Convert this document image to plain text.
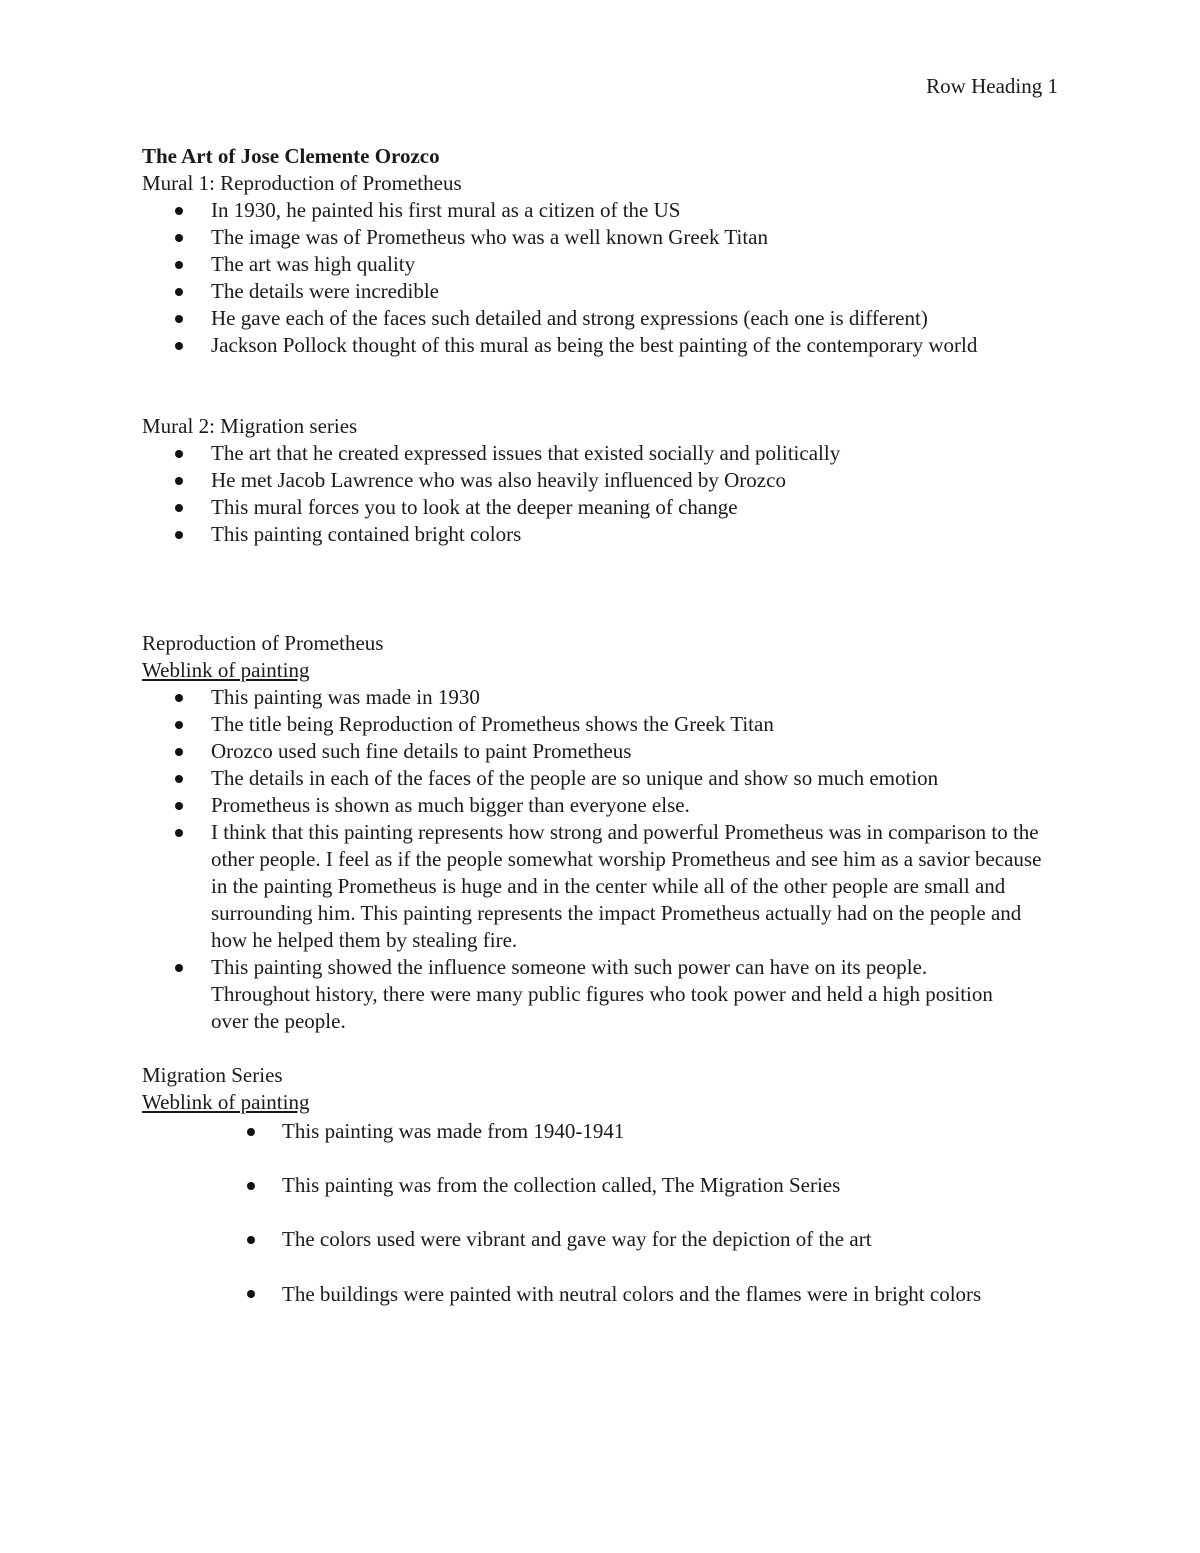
Row Heading 1

The Art of Jose Clemente Orozco

Mural 1: Reproduction of Prometheus

In 1930, he painted his first mural as a citizen of the US
The image was of Prometheus who was a well known Greek Titan
The art was high quality
The details were incredible
He gave each of the faces such detailed and strong expressions (each one is different)
Jackson Pollock thought of this mural as being the best painting of the contemporary world

Mural 2: Migration series

The art that he created expressed issues that existed socially and politically
He met Jacob Lawrence who was also heavily influenced by Orozco
This mural forces you to look at the deeper meaning of change
This painting contained bright colors

Reproduction of Prometheus

Weblink of painting

This painting was made in 1930
The title being Reproduction of Prometheus shows the Greek Titan
Orozco used such fine details to paint Prometheus
The details in each of the faces of the people are so unique and show so much emotion
Prometheus is shown as much bigger than everyone else.
I think that this painting represents how strong and powerful Prometheus was in comparison to the other people. I feel as if the people somewhat worship Prometheus and see him as a savior because in the painting Prometheus is huge and in the center while all of the other people are small and surrounding him. This painting represents the impact Prometheus actually had on the people and how he helped them by stealing fire.
This painting showed the influence someone with such power can have on its people. Throughout history, there were many public figures who took power and held a high position over the people.

Migration Series

Weblink of painting

This painting was made from 1940-1941
This painting was from the collection called, The Migration Series
The colors used were vibrant and gave way for the depiction of the art
The buildings were painted with neutral colors and the flames were in bright colors
